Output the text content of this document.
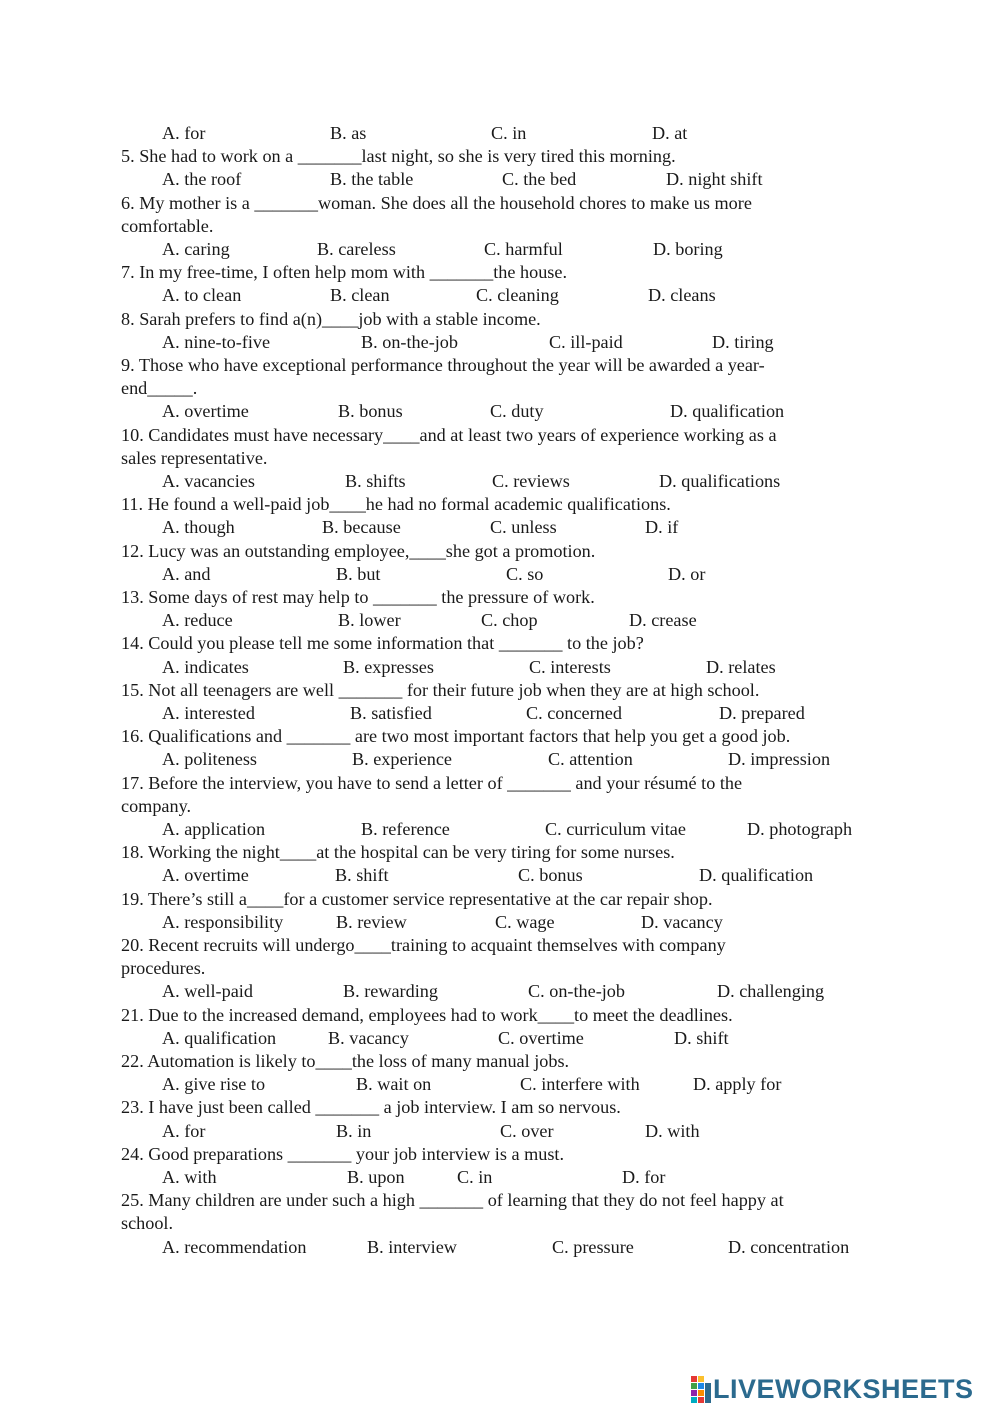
A. for	B. as	C. in	D. at
5. She had to work on a _______last night, so she is very tired this morning.
A. the roof	B. the table	C. the bed	D. night shift
6. My mother is a _______woman. She does all the household chores to make us more
comfortable.
A. caring	B. careless	C. harmful	D. boring
7. In my free-time, I often help mom with _______the house.
A. to clean	B. clean	C. cleaning	D. cleans
8. Sarah prefers to find a(n)____job with a stable income.
A. nine-to-five	B. on-the-job	C. ill-paid	D. tiring
9. Those who have exceptional performance throughout the year will be awarded a year-
end_____.
A. overtime	B. bonus	C. duty	D. qualification
10. Candidates must have necessary____and at least two years of experience working as a
sales representative.
A. vacancies	B. shifts	C. reviews	D. qualifications
11. He found a well-paid job____he had no formal academic qualifications.
A. though	B. because	C. unless	D. if
12. Lucy was an outstanding employee,____she got a promotion.
A. and	B. but	C. so	D. or
13. Some days of rest may help to _______ the pressure of work.
A. reduce	B. lower	C. chop	D. crease
14. Could you please tell me some information that _______ to the job?
A. indicates	B. expresses	C. interests	D. relates
15. Not all teenagers are well _______ for their future job when they are at high school.
A. interested	B. satisfied	C. concerned	D. prepared
16. Qualifications and _______ are two most important factors that help you get a good job.
A. politeness	B. experience	C. attention	D. impression
17. Before the interview, you have to send a letter of _______ and your résumé to the
company.
A. application	B. reference	C. curriculum vitae	D. photograph
18. Working the night____at the hospital can be very tiring for some nurses.
A. overtime	B. shift	C. bonus	D. qualification
19. There’s still a____for a customer service representative at the car repair shop.
A. responsibility	B. review	C. wage	D. vacancy
20. Recent recruits will undergo____training to acquaint themselves with company
procedures.
A. well-paid	B. rewarding	C. on-the-job	D. challenging
21. Due to the increased demand, employees had to work____to meet the deadlines.
A. qualification	B. vacancy	C. overtime	D. shift
22. Automation is likely to____the loss of many manual jobs.
A. give rise to	B. wait on	C. interfere with	D. apply for
23. I have just been called _______ a job interview. I am so nervous.
A. for	B. in	C. over	D. with
24. Good preparations _______ your job interview is a must.
A. with	B. upon	C. in	D. for
25. Many children are under such a high _______ of learning that they do not feel happy at
school.
A. recommendation	B. interview	C. pressure	D. concentration
LIVEWORKSHEETS
